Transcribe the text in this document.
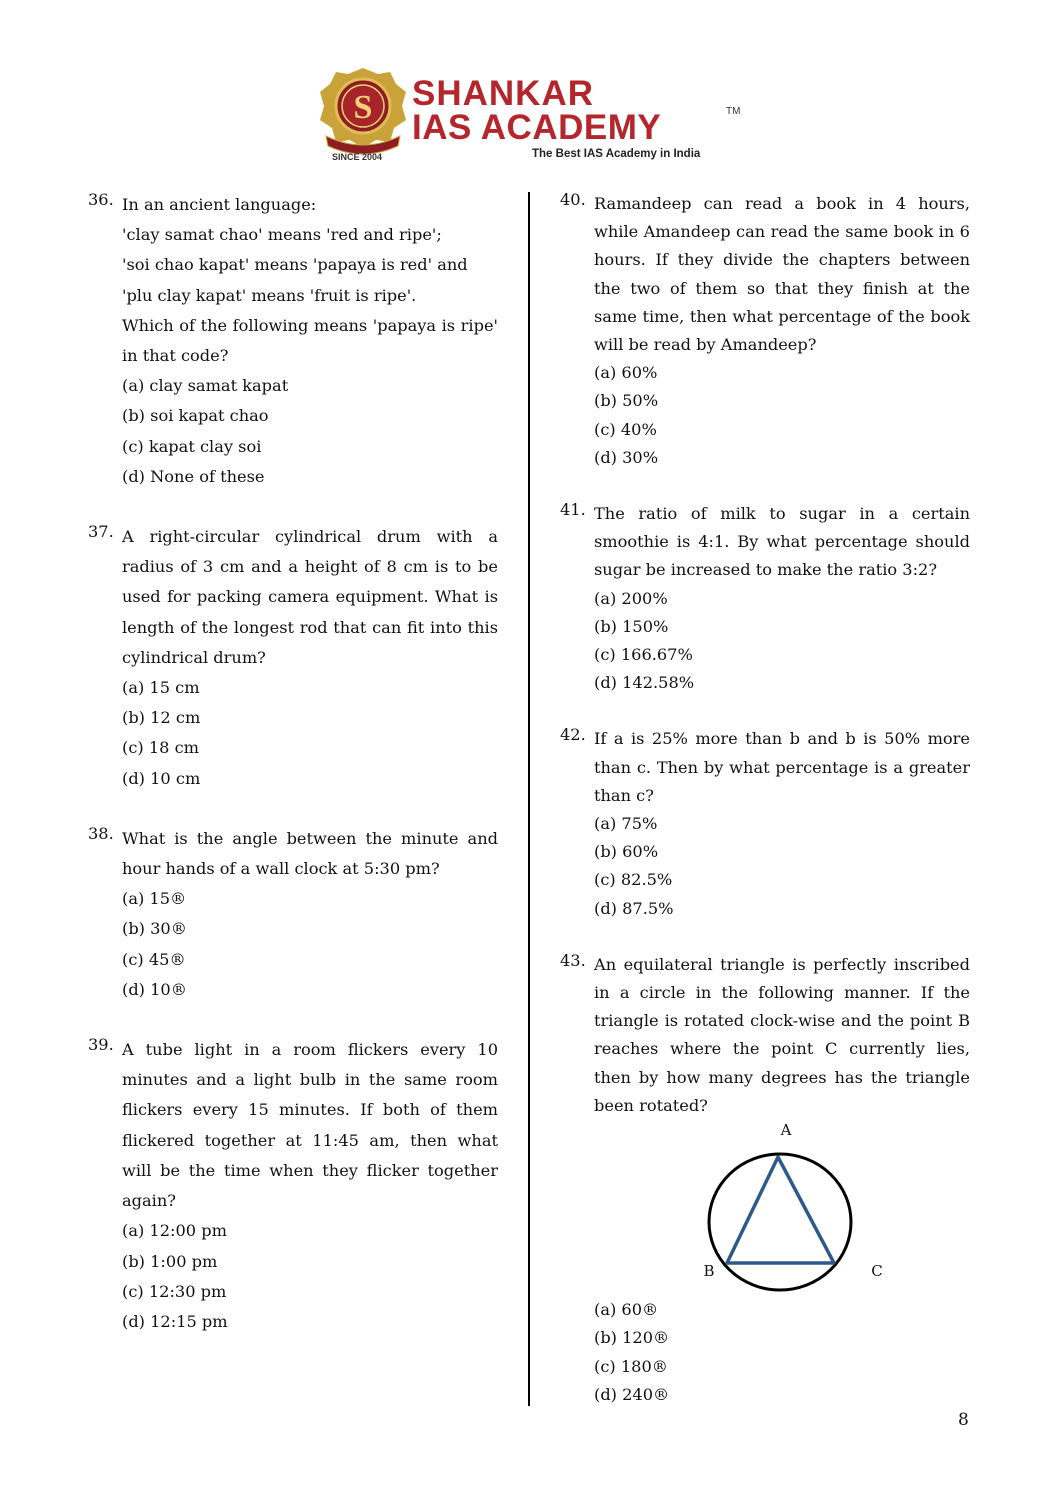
S SHANKAR
IAS ACADEMY	TM
The Best IAS Academy in India
SINCE 2004
36. In an ancient language:
'clay samat chao' means 'red and ripe';
'soi chao kapat' means 'papaya is red' and
'plu clay kapat' means 'fruit is ripe'.
Which of the following means 'papaya is ripe' in that code?
(a) clay samat kapat
(b) soi kapat chao
(c) kapat clay soi
(d) None of these
37. A right-circular cylindrical drum with a radius of 3 cm and a height of 8 cm is to be used for packing camera equipment. What is length of the longest rod that can fit into this cylindrical drum?
(a) 15 cm
(b) 12 cm
(c) 18 cm
(d) 10 cm
38. What is the angle between the minute and hour hands of a wall clock at 5:30 pm?
(a) 15®
(b) 30®
(c) 45®
(d) 10®
39. A tube light in a room flickers every 10 minutes and a light bulb in the same room flickers every 15 minutes. If both of them flickered together at 11:45 am, then what will be the time when they flicker together again?
(a) 12:00 pm
(b) 1:00 pm
(c) 12:30 pm
(d) 12:15 pm
40. Ramandeep can read a book in 4 hours, while Amandeep can read the same book in 6 hours. If they divide the chapters between the two of them so that they finish at the same time, then what percentage of the book will be read by Amandeep?
(a) 60%
(b) 50%
(c) 40%
(d) 30%
41. The ratio of milk to sugar in a certain smoothie is 4:1. By what percentage should sugar be increased to make the ratio 3:2?
(a) 200%
(b) 150%
(c) 166.67%
(d) 142.58%
42. If a is 25% more than b and b is 50% more than c. Then by what percentage is a greater than c?
(a) 75%
(b) 60%
(c) 82.5%
(d) 87.5%
43. An equilateral triangle is perfectly inscribed in a circle in the following manner. If the triangle is rotated clock-wise and the point B reaches where the point C currently lies, then by how many degrees has the triangle been rotated?
A
B	C
(a) 60®
(b) 120®
(c) 180®
(d) 240®
8
